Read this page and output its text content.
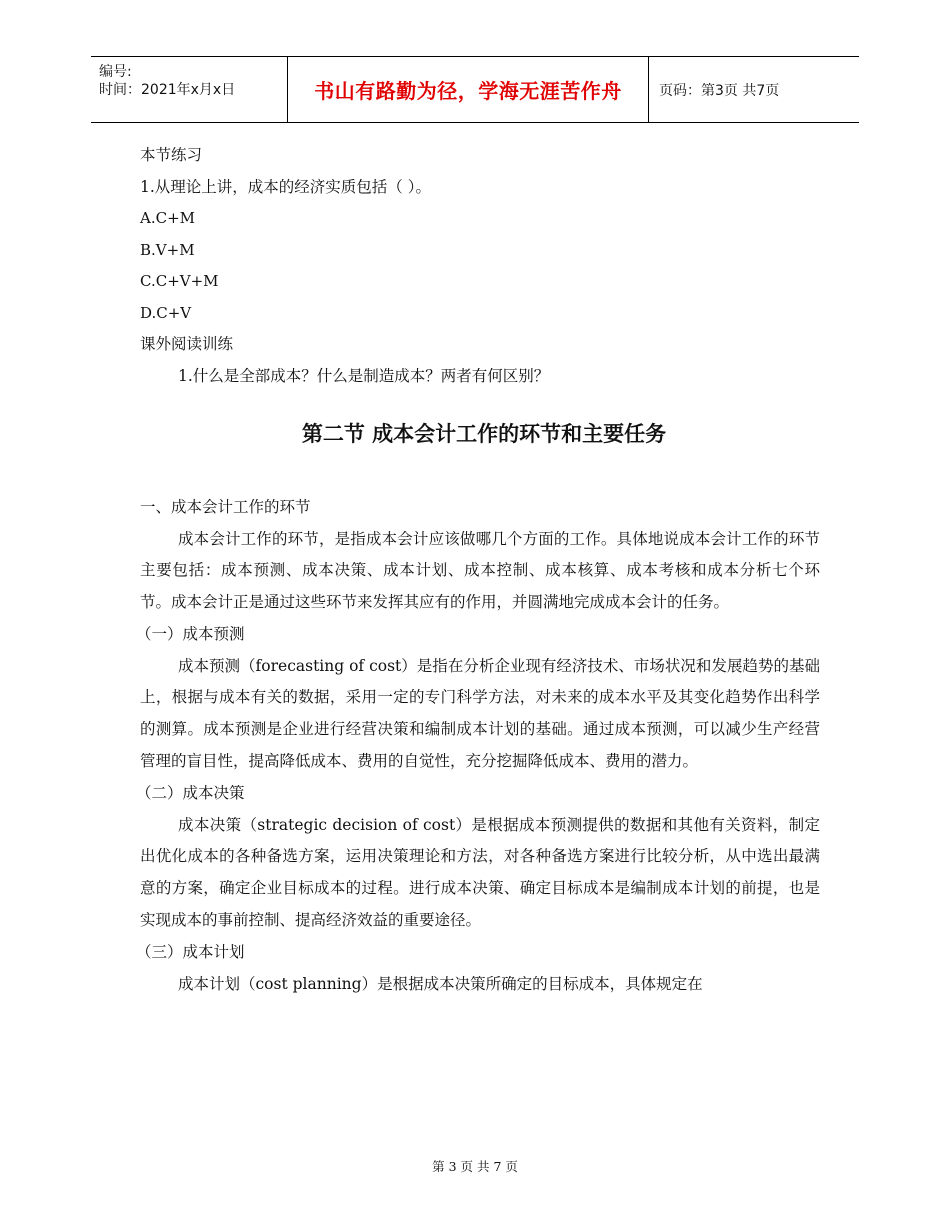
编号:
时间：2021年x月x日	书山有路勤为径，学海无涯苦作舟	页码：第3页 共7页
本节练习
1.从理论上讲，成本的经济实质包括（ ）。
A.C+M
B.V+M
C.C+V+M
D.C+V
课外阅读训练
1.什么是全部成本？什么是制造成本？两者有何区别？
第二节 成本会计工作的环节和主要任务
一、成本会计工作的环节
成本会计工作的环节，是指成本会计应该做哪几个方面的工作。具体地说成本会计工作的环节主要包括：成本预测、成本决策、成本计划、成本控制、成本核算、成本考核和成本分析七个环节。成本会计正是通过这些环节来发挥其应有的作用，并圆满地完成成本会计的任务。
（一）成本预测
成本预测（forecasting of cost）是指在分析企业现有经济技术、市场状况和发展趋势的基础上，根据与成本有关的数据，采用一定的专门科学方法，对未来的成本水平及其变化趋势作出科学的测算。成本预测是企业进行经营决策和编制成本计划的基础。通过成本预测，可以减少生产经营管理的盲目性，提高降低成本、费用的自觉性，充分挖掘降低成本、费用的潜力。
（二）成本决策
成本决策（strategic decision of cost）是根据成本预测提供的数据和其他有关资料，制定出优化成本的各种备选方案，运用决策理论和方法，对各种备选方案进行比较分析，从中选出最满意的方案，确定企业目标成本的过程。进行成本决策、确定目标成本是编制成本计划的前提，也是实现成本的事前控制、提高经济效益的重要途径。
（三）成本计划
成本计划（cost planning）是根据成本决策所确定的目标成本，具体规定在
第 3 页 共 7 页
